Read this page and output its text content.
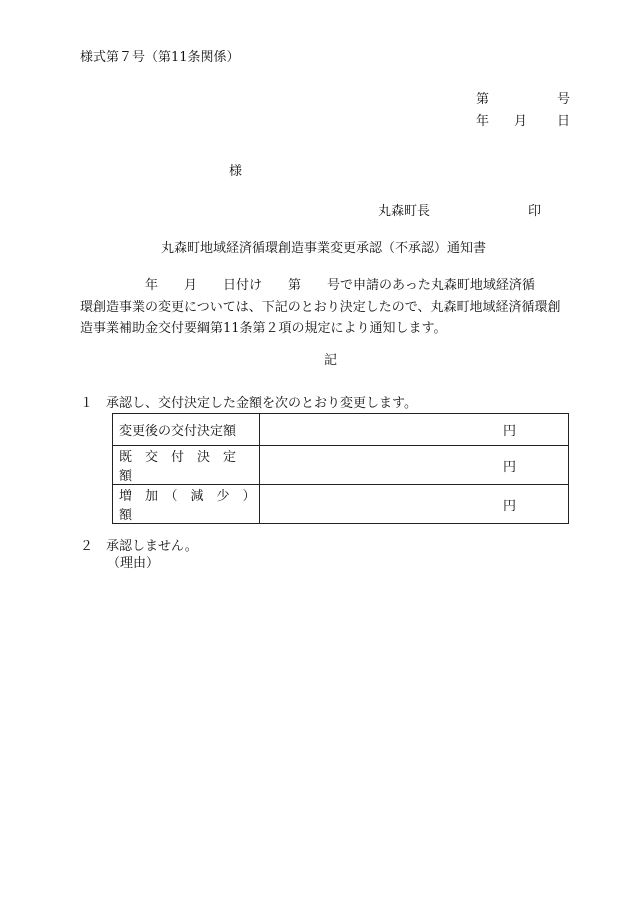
様式第７号（第11条関係）
第	号
年 月 日
様
丸森町長	印
丸森町地域経済循環創造事業変更承認（不承認）通知書
　　　　　年　　月　　日付け　　第　　号で申請のあった丸森町地域経済循
環創造事業の変更については、下記のとおり決定したので、丸森町地域経済循環創
造事業補助金交付要綱第11条第２項の規定により通知します。
記
１ 承認し、交付決定した金額を次のとおり変更します。
変更後の交付決定額	円
既　交　付　決　定　額	円
増　加　（　減　少　）　額	円
２ 承認しません。
（理由）
